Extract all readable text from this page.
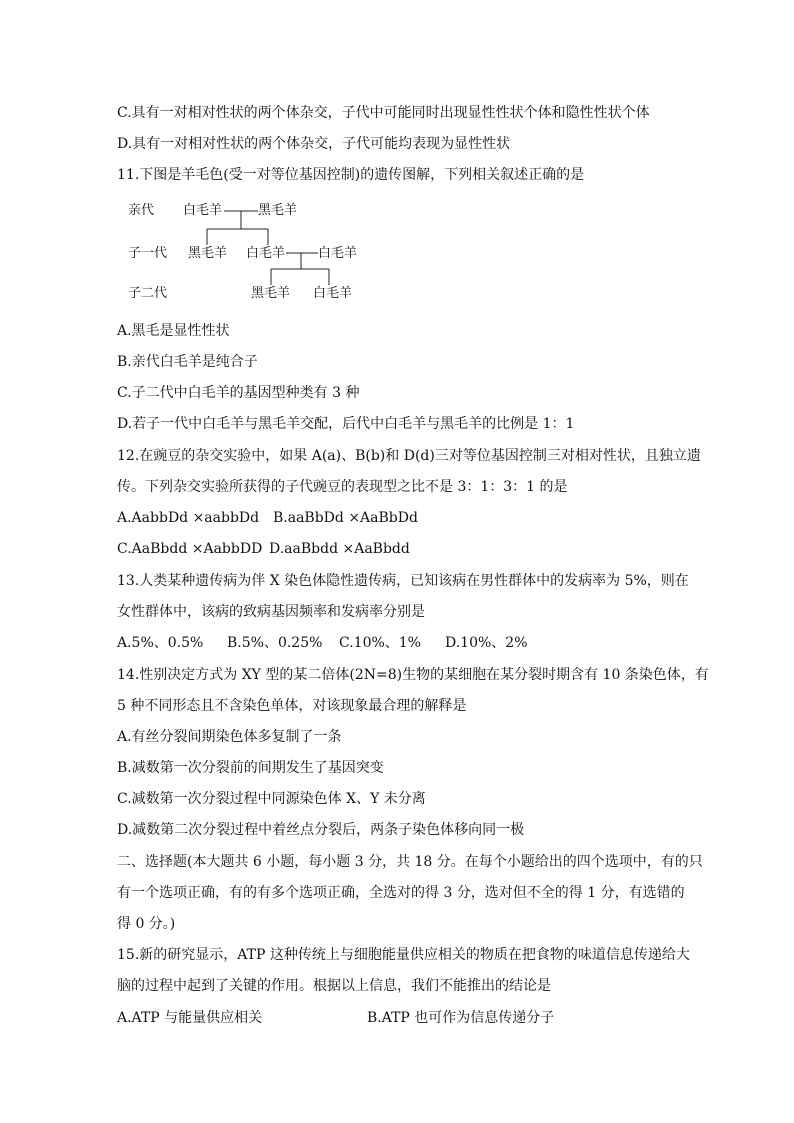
C.具有一对相对性状的两个体杂交，子代中可能同时出现显性性状个体和隐性性状个体
D.具有一对相对性状的两个体杂交，子代可能均表现为显性性状
11.下图是羊毛色(受一对等位基因控制)的遗传图解，下列相关叙述正确的是
亲代 白毛羊	黑毛羊
子一代 黑毛羊 白毛羊	白毛羊
子二代	黑毛羊 白毛羊
A.黑毛是显性性状
B.亲代白毛羊是纯合子
C.子二代中白毛羊的基因型种类有 3 种
D.若子一代中白毛羊与黑毛羊交配，后代中白毛羊与黑毛羊的比例是 1：1
12.在豌豆的杂交实验中，如果 A(a)、B(b)和 D(d)三对等位基因控制三对相对性状，且独立遗
传。下列杂交实验所获得的子代豌豆的表现型之比不是 3：1：3：1 的是
A.AabbDd ×aabbDd B.aaBbDd ×AaBbDd
C.AaBbdd ×AabbDD D.aaBbdd ×AaBbdd
13.人类某种遗传病为伴 X 染色体隐性遗传病，已知该病在男性群体中的发病率为 5%，则在
女性群体中，该病的致病基因频率和发病率分别是
A.5%、0.5% B.5%、0.25% C.10%、1% D.10%、2%
14.性别决定方式为 XY 型的某二倍体(2N=8)生物的某细胞在某分裂时期含有 10 条染色体，有
5 种不同形态且不含染色单体，对该现象最合理的解释是
A.有丝分裂间期染色体多复制了一条
B.减数第一次分裂前的间期发生了基因突变
C.减数第一次分裂过程中同源染色体 X、Y 未分离
D.减数第二次分裂过程中着丝点分裂后，两条子染色体移向同一极
二、选择题(本大题共 6 小题，每小题 3 分，共 18 分。在每个小题给出的四个选项中，有的只
有一个选项正确，有的有多个选项正确，全选对的得 3 分，选对但不全的得 1 分，有选错的
得 0 分。)
15.新的研究显示，ATP 这种传统上与细胞能量供应相关的物质在把食物的味道信息传递给大
脑的过程中起到了关键的作用。根据以上信息，我们不能推出的结论是
A.ATP 与能量供应相关	B.ATP 也可作为信息传递分子
